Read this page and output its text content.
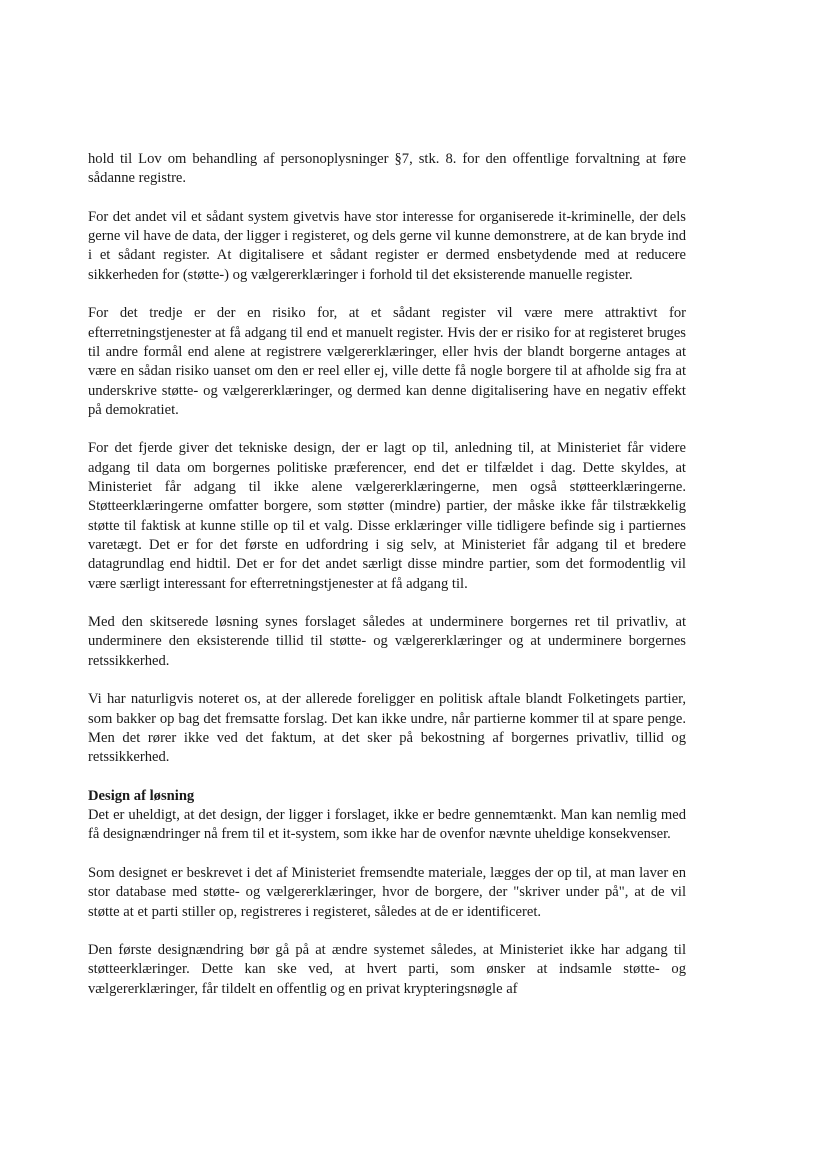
hold til Lov om behandling af personoplysninger §7, stk. 8. for den offentlige forvaltning at føre sådanne registre.

For det andet vil et sådant system givetvis have stor interesse for organiserede it-kriminelle, der dels gerne vil have de data, der ligger i registeret, og dels gerne vil kunne demonstrere, at de kan bryde ind i et sådant register. At digitalisere et sådant register er dermed ensbetydende med at reducere sikkerheden for (støtte-) og vælgererklæringer i forhold til det eksisterende manuelle register.

For det tredje er der en risiko for, at et sådant register vil være mere attraktivt for efterretningstjenester at få adgang til end et manuelt register. Hvis der er risiko for at registeret bruges til andre formål end alene at registrere vælgererklæringer, eller hvis der blandt borgerne antages at være en sådan risiko uanset om den er reel eller ej, ville dette få nogle borgere til at afholde sig fra at underskrive støtte- og vælgererklæringer, og dermed kan denne digitalisering have en negativ effekt på demokratiet.

For det fjerde giver det tekniske design, der er lagt op til, anledning til, at Ministeriet får videre adgang til data om borgernes politiske præferencer, end det er tilfældet i dag. Dette skyldes, at Ministeriet får adgang til ikke alene vælgererklæringerne, men også støtteerklæringerne. Støtteerklæringerne omfatter borgere, som støtter (mindre) partier, der måske ikke får tilstrækkelig støtte til faktisk at kunne stille op til et valg. Disse erklæringer ville tidligere befinde sig i partiernes varetægt. Det er for det første en udfordring i sig selv, at Ministeriet får adgang til et bredere datagrundlag end hidtil. Det er for det andet særligt disse mindre partier, som det formodentlig vil være særligt interessant for efterretningstjenester at få adgang til.

Med den skitserede løsning synes forslaget således at underminere borgernes ret til privatliv, at underminere den eksisterende tillid til støtte- og vælgererklæringer og at underminere borgernes retssikkerhed.

Vi har naturligvis noteret os, at der allerede foreligger en politisk aftale blandt Folketingets partier, som bakker op bag det fremsatte forslag. Det kan ikke undre, når partierne kommer til at spare penge. Men det rører ikke ved det faktum, at det sker på bekostning af borgernes privatliv, tillid og retssikkerhed.

Design af løsning

Det er uheldigt, at det design, der ligger i forslaget, ikke er bedre gennemtænkt. Man kan nemlig med få designændringer nå frem til et it-system, som ikke har de ovenfor nævnte uheldige konsekvenser.

Som designet er beskrevet i det af Ministeriet fremsendte materiale, lægges der op til, at man laver en stor database med støtte- og vælgererklæringer, hvor de borgere, der "skriver under på", at de vil støtte at et parti stiller op, registreres i registeret, således at de er identificeret.

Den første designændring bør gå på at ændre systemet således, at Ministeriet ikke har adgang til støtteerklæringer. Dette kan ske ved, at hvert parti, som ønsker at indsamle støtte- og vælgererklæringer, får tildelt en offentlig og en privat krypteringsnøgle af
